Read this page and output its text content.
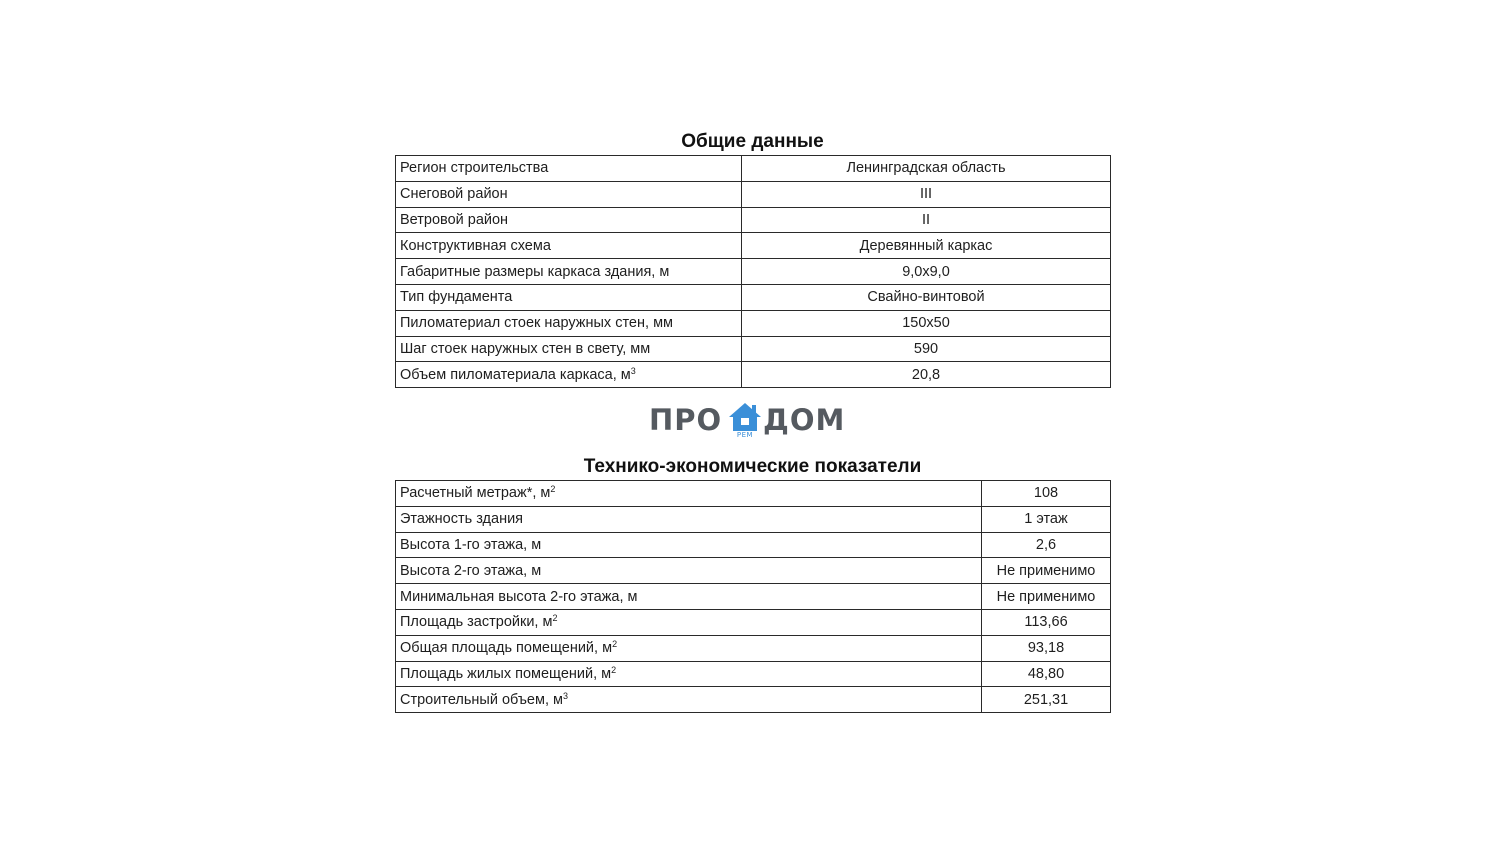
Общие данные
Регион строительства	Ленинградская область
Снеговой район	III
Ветровой район	II
Конструктивная схема	Деревянный каркас
Габаритные размеры каркаса здания, м	9,0х9,0
Тип фундамента	Свайно-винтовой
Пиломатериал стоек наружных стен, мм	150х50
Шаг стоек наружных стен в свету, мм	590
Объем пиломатериала каркаса, $м^3$	20,8
ПРО	РЕМ ДОМ
Технико-экономические показатели
Расчетный метраж*, $м^2$	108
Этажность здания	1 этаж
Высота 1-го этажа, м	2,6
Высота 2-го этажа, м	Не применимо
Минимальная высота 2-го этажа, м	Не применимо
Площадь застройки, $м^2$	113,66
Общая площадь помещений, $м^2$	93,18
Площадь жилых помещений, $м^2$	48,80
Строительный объем, $м^3$	251,31
